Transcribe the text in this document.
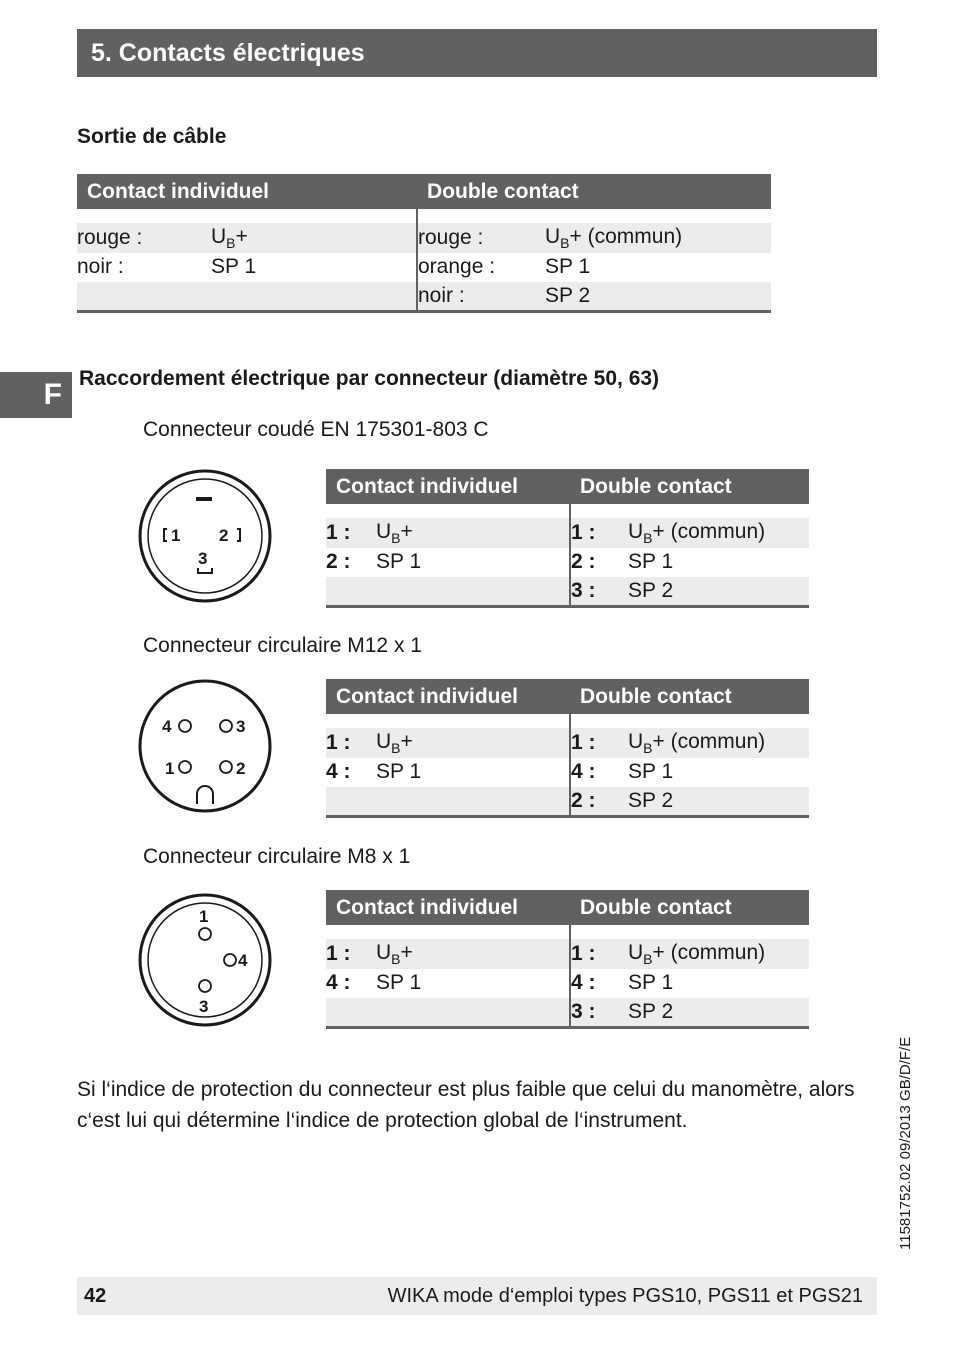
5. Contacts électriques
Sortie de câble
Contact individuel		Double contact	

rouge :	$U_B+$	rouge :	$U_B+$ (commun)
noir :	SP 1	orange :	SP 1
		noir :	SP 2
F Raccordement électrique par connecteur (diamètre 50, 63)
Connecteur coudé EN 175301-803 C
1 2
3
Contact individuel		Double contact	

1 :	$U_B+$	1 :	$U_B+$ (commun)
2 :	SP 1	2 :	SP 1
		3 :	SP 2
Connecteur circulaire M12 x 1
4	3
1	2
Contact individuel		Double contact	

1 :	$U_B+$	1 :	$U_B+$ (commun)
4 :	SP 1	4 :	SP 1
		2 :	SP 2
Connecteur circulaire M8 x 1
1
4
3
Contact individuel		Double contact	

1 :	$U_B+$	1 :	$U_B+$ (commun)
4 :	SP 1	4 :	SP 1
		3 :	SP 2
Si l‘indice de protection du connecteur est plus faible que celui du manomètre, alors c‘est lui qui détermine l‘indice de protection global de l‘instrument.	11581752.02 09/2013 GB/D/F/E
42	WIKA mode d‘emploi types PGS10, PGS11 et PGS21
